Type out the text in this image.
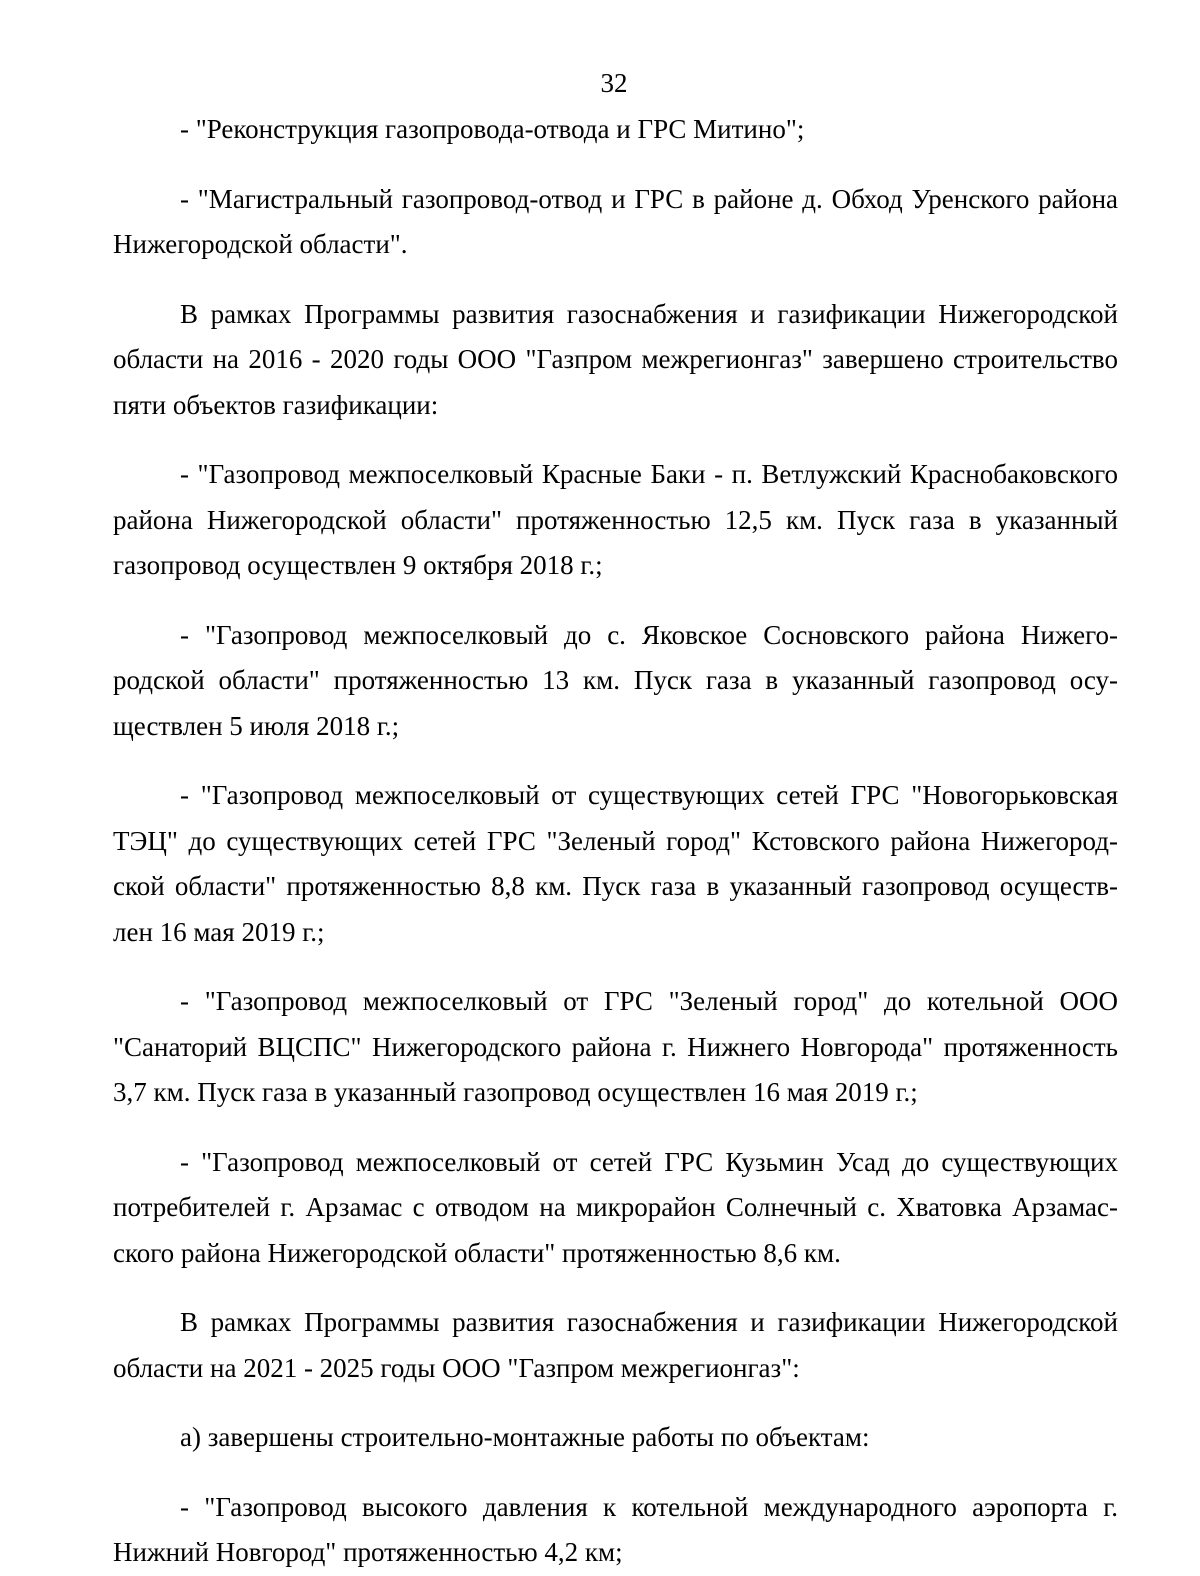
32
- "Реконструкция газопровода-отвода и ГРС Митино";
- "Магистральный газопровод-отвод и ГРС в районе д. Обход Уренского района
Нижегородской области".
В рамках Программы развития газоснабжения и газификации Нижегородской
области на 2016 - 2020 годы ООО "Газпром межрегионгаз" завершено строительство
пяти объектов газификации:
- "Газопровод межпоселковый Красные Баки - п. Ветлужский Краснобаковского
района Нижегородской области" протяженностью 12,5 км. Пуск газа в указанный
газопровод осуществлен 9 октября 2018 г.;
- "Газопровод межпоселковый до с. Яковское Сосновского района Нижего-
родской области" протяженностью 13 км. Пуск газа в указанный газопровод осу-
ществлен 5 июля 2018 г.;
- "Газопровод межпоселковый от существующих сетей ГРС "Новогорьковская
ТЭЦ" до существующих сетей ГРС "Зеленый город" Кстовского района Нижегород-
ской области" протяженностью 8,8 км. Пуск газа в указанный газопровод осуществ-
лен 16 мая 2019 г.;
- "Газопровод межпоселковый от ГРС "Зеленый город" до котельной ООО
"Санаторий ВЦСПС" Нижегородского района г. Нижнего Новгорода" протяженность
3,7 км. Пуск газа в указанный газопровод осуществлен 16 мая 2019 г.;
- "Газопровод межпоселковый от сетей ГРС Кузьмин Усад до существующих
потребителей г. Арзамас с отводом на микрорайон Солнечный с. Хватовка Арзамас-
ского района Нижегородской области" протяженностью 8,6 км.
В рамках Программы развития газоснабжения и газификации Нижегородской
области на 2021 - 2025 годы ООО "Газпром межрегионгаз":
а) завершены строительно-монтажные работы по объектам:
- "Газопровод высокого давления к котельной международного аэропорта г.
Нижний Новгород" протяженностью 4,2 км;
